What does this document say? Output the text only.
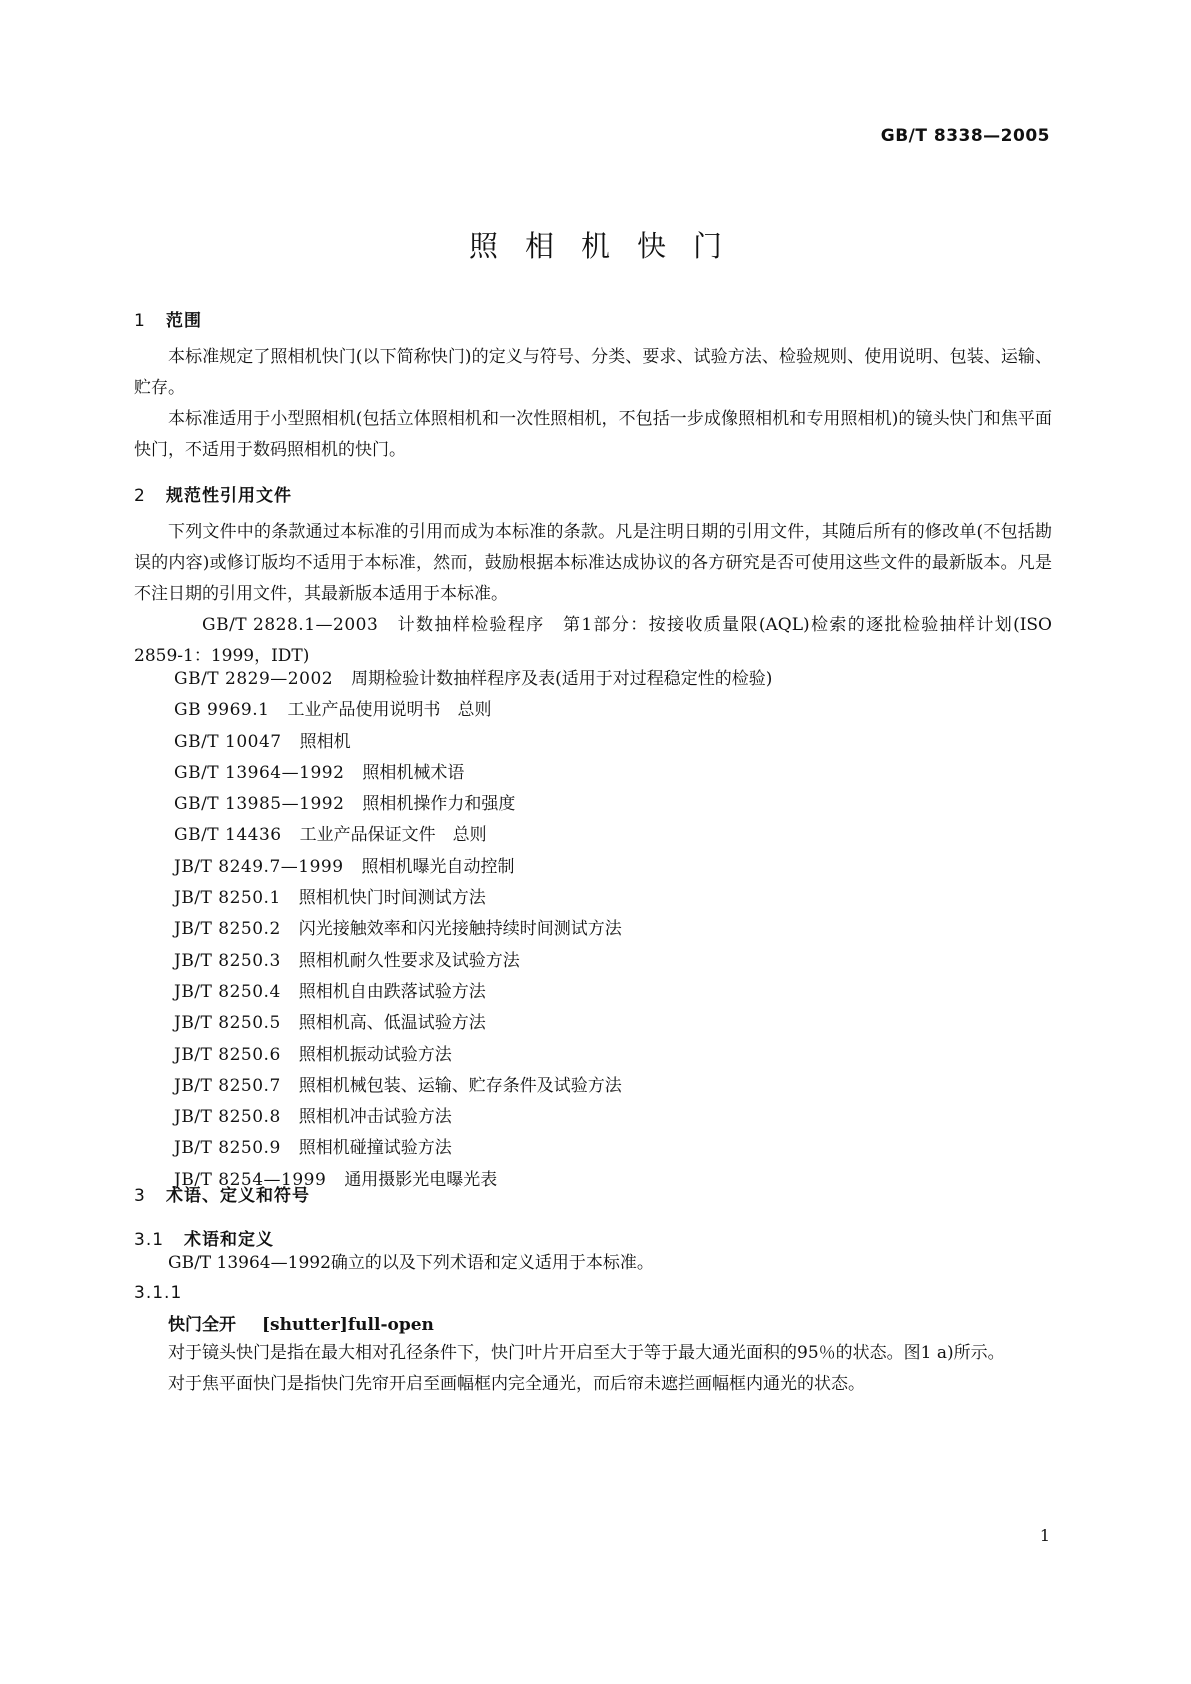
GB/T 8338—2005
照相机快门
1 范围

本标准规定了照相机快门(以下简称快门)的定义与符号、分类、要求、试验方法、检验规则、使用说明、包装、运输、贮存。

本标准适用于小型照相机(包括立体照相机和一次性照相机，不包括一步成像照相机和专用照相机)的镜头快门和焦平面快门，不适用于数码照相机的快门。

2 规范性引用文件

下列文件中的条款通过本标准的引用而成为本标准的条款。凡是注明日期的引用文件，其随后所有的修改单(不包括勘误的内容)或修订版均不适用于本标准，然而，鼓励根据本标准达成协议的各方研究是否可使用这些文件的最新版本。凡是不注日期的引用文件，其最新版本适用于本标准。

GB/T 2828.1—2003 计数抽样检验程序　第1部分：按接收质量限(AQL)检索的逐批检验抽样计划(ISO 2859-1：1999，IDT)

GB/T 2829—2002 周期检验计数抽样程序及表(适用于对过程稳定性的检验)
GB 9969.1 工业产品使用说明书　总则
GB/T 10047 照相机
GB/T 13964—1992 照相机械术语
GB/T 13985—1992 照相机操作力和强度
GB/T 14436 工业产品保证文件　总则
JB/T 8249.7—1999 照相机曝光自动控制
JB/T 8250.1 照相机快门时间测试方法
JB/T 8250.2 闪光接触效率和闪光接触持续时间测试方法
JB/T 8250.3 照相机耐久性要求及试验方法
JB/T 8250.4 照相机自由跌落试验方法
JB/T 8250.5 照相机高、低温试验方法
JB/T 8250.6 照相机振动试验方法
JB/T 8250.7 照相机械包装、运输、贮存条件及试验方法
JB/T 8250.8 照相机冲击试验方法
JB/T 8250.9 照相机碰撞试验方法
JB/T 8254—1999 通用摄影光电曝光表
3 术语、定义和符号
3.1 术语和定义

GB/T 13964—1992确立的以及下列术语和定义适用于本标准。

3.1.1
快门全开 [shutter]full-open

对于镜头快门是指在最大相对孔径条件下，快门叶片开启至大于等于最大通光面积的95％的状态。图1 a)所示。

对于焦平面快门是指快门先帘开启至画幅框内完全通光，而后帘未遮拦画幅框内通光的状态。

1
